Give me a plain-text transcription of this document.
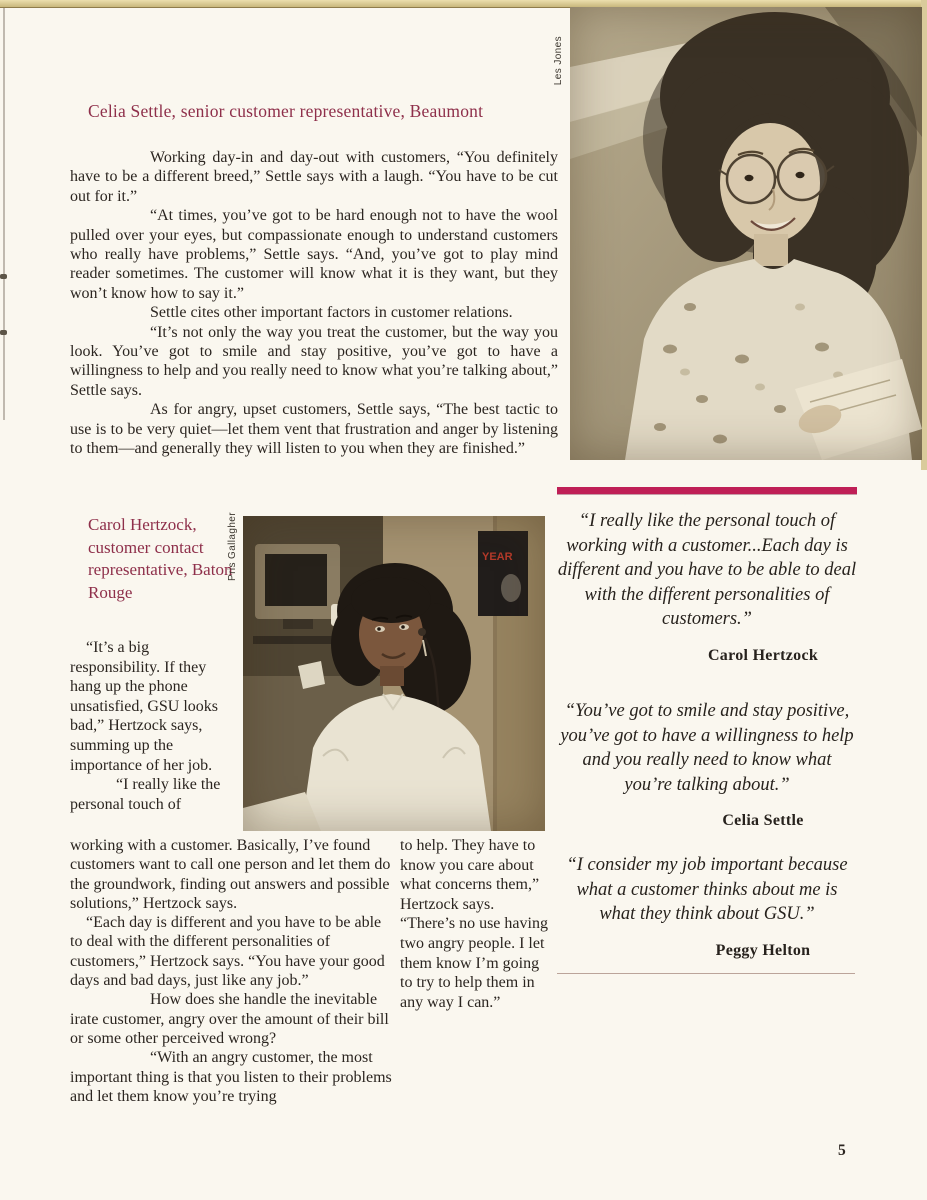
Celia Settle, senior customer representative, Beaumont

Working day-in and day-out with customers, “You definitely have to be a different breed,” Settle says with a laugh. “You have to be cut out for it.”

“At times, you’ve got to be hard enough not to have the wool pulled over your eyes, but compassionate enough to understand customers who really have problems,” Settle says. “And, you’ve got to play mind reader sometimes. The customer will know what it is they want, but they won’t know how to say it.”

Settle cites other important factors in customer relations.

“It’s not only the way you treat the customer, but the way you look. You’ve got to smile and stay positive, you’ve got to have a willingness to help and you really need to know what you’re talking about,” Settle says.

As for angry, upset customers, Settle says, “The best tactic to use is to be very quiet—let them vent that frustration and anger by listening to them—and generally they will listen to you when they are finished.”

Les Jones
Carol Hertzock, customer contact representative, Baton Rouge
Pris Gallagher	YEAR

“It’s a big responsibility. If they hang up the phone unsatisfied, GSU looks bad,” Hertzock says, summing up the importance of her job.

“I really like the personal touch of

working with a customer. Basically, I’ve found customers want to call one person and let them do the groundwork, finding out answers and possible solutions,” Hertzock says.

“Each day is different and you have to be able to deal with the different personalities of customers,” Hertzock says. “You have your good days and bad days, just like any job.”

How does she handle the inevitable irate customer, angry over the amount of their bill or some other perceived wrong?

“With an angry customer, the most important thing is that you listen to their problems and let them know you’re trying

to help. They have to know you care about what concerns them,” Hertzock says. “There’s no use having two angry people. I let them know I’m going to try to help them in any way I can.”

“I really like the personal touch of working with a customer...Each day is different and you have to be able to deal with the different personalities of customers.”
Carol Hertzock
“You’ve got to smile and stay positive, you’ve got to have a willingness to help and you really need to know what you’re talking about.”
Celia Settle
“I consider my job important because what a customer thinks about me is what they think about GSU.”
Peggy Helton
5
